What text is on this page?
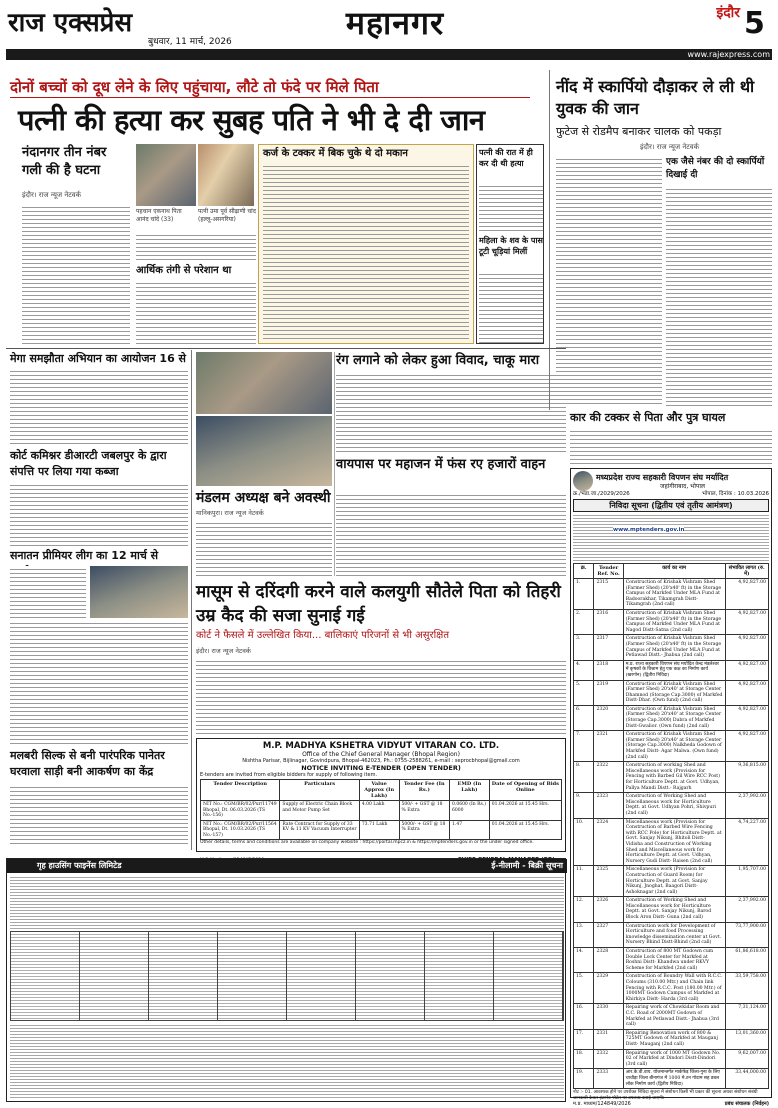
राज एक्सप्रेस
बुधवार, 11 मार्च, 2026	महानगर	इंदौर 5
www.rajexpress.com
दोनों बच्चों को दूध लेने के लिए पहुंचाया, लौटे तो फंदे पर मिले पिता
पत्नी की हत्या कर सुबह पति ने भी दे दी जान
नंदानगर तीन नंबर गली की है घटना
इंदौर। राज न्यूज नेटवर्क
पहचान एकनाथ पिता आनंद चांदे (33)
पत्नी उमा पूर्व सीढ़ाणी चांद (हल्लू-असगरिया)
आर्थिक तंगी से परेशान था
कर्ज के टक्कर में बिक चुके थे दो मकान	पत्नी की रात में ही कर दी थी हत्या
महिला के शव के पास टूटी चूड़ियां मिलीं
नींद में स्कार्पियो दौड़ाकर ले ली थी युवक की जान
फुटेज से रोडमैप बनाकर चालक को पकड़ा
इंदौर। राज न्यूज नेटवर्क
एक जैसे नंबर की दो स्कार्पियों दिखाई दी
मेगा समझौता अभियान का आयोजन 16 से
कोर्ट कमिश्नर डीआरटी जबलपुर के द्वारा संपत्ति पर लिया गया कब्जा
सनातन प्रीमियर लीग का 12 मार्च से
मलबरी सिल्क से बनी पारंपरिक पानेतर घरवाला साड़ी बनी आकर्षण का केंद्र
रंग लगाने को लेकर हुआ विवाद, चाकू मारा
मंडलम अध्यक्ष बने अवस्थी
मानिकपुरा। राज न्यूज नेटवर्क
वायपास पर महाजन में फंस रए हजारों वाहन
मासूम से दरिंदगी करने वाले कलयुगी सौतेले पिता को तिहरी उम्र कैद की सजा सुनाई गई
कोर्ट ने फैसले में उल्लेखित किया... बालिकाएं परिजनों से भी असुरक्षित
इंदौर। राज न्यूज नेटवर्क
M.P. MADHYA KSHETRA VIDYUT VITARAN CO. LTD.
Office of the Chief General Manager (Bhopal Region)
Nishtha Parisar, Bijlinagar, Govindpura, Bhopal-462023, Ph.: 0755-2588261, e-mail : seprocbhopal@gmail.com
NOTICE INVITING E-TENDER (OPEN TENDER)
E-tenders are invited from eligible bidders for supply of following item.
Tender Description	Particulars	Value Approx (In Lakh)	Tender Fee (In Rs.)	EMD (In Lakh)	Date of Opening of Bids Online
NIT No.: CGM/BR/02/Pur/11749 Bhopal, Dt. 06.03.2026 (TS No.-156)	Supply of Electric Chain Block and Motor Pump Set	4.00 Lakh	500/- + GST @ 18 % Extra	0.0600 (In Rs.) 6000	01.04.2026 at 15.45 Hrs.
NIT No.: CGM/BR/02/Pur/11564 Bhopal, Dt. 10.03.2026 (TS No.-157)	Rate Contract for Supply of 33 KV & 11 KV Vacuum Interrupter	73.71 Lakh	5000/- + GST @ 18 % Extra	1.47	01.04.2026 at 15.45 Hrs.
Other details, terms and conditions are available on company website : https://portal.mpcz.in & https://mptenders.gov.in or the under signed office.
कार की टक्कर से पिता और पुत्र घायल
मध्यप्रदेश राज्य सहकारी विपणन संघ मर्यादित
जहांगीराबाद, भोपाल
क्र./भंडा.जा./2029/2026	भोपाल, दिनांक : 10.03.2026
निविदा सूचना (द्वितीय एवं तृतीय आमंत्रण)
www.mptenders.gov.in
क्र.	Tender Ref. No.	कार्य का नाम	संभावित लागत (रु. में)
1.	2315	Construction of Krishak Vishram Shed (Farmer Shed) (20'x40' ft) in the Storage Campus of Markfed Under MLA Fund at Badoorakhar, Tikamgrah Distt- Tikamgrah (2nd call)	4,92,827.00
2.	2316	Construction of Krishak Vishram Shed (Farmer Shed) (20'x40' ft) in the Storage Campus of Markfed Under MLA Fund at Nagod Distt-Satna (2nd call)	4,92,827.00
3.	2317	Construction of Krishak Vishram Shed (Farmer Shed) (20'x40' ft) in the Storage Campus of Markfed Under MLA Fund at Petlawad Distt.- Jhabua (2nd call)	4,92,827.00
4.	2318	म.प्र. राज्य सहकारी विपणन संघ मर्यादित केन्द्र मंडलेश्वर में कृषकों के विश्राम हेतु एक कक्ष का निर्माण कार्य (खरगोन) (द्वितीय निविदा)	4,92,827.00
5.	2319	Construction of Krishak Vishram Shed (Farmer Shed) 20'x40' at Storage Center Dhamnod (Storage Cap.3000) of Markfed Distt-Dhar. (Own fund) (2nd call)	4,92,827.00
6.	2320	Construction of Krishak Vishram Shed (Farmer Shed) 20'x40' at Storage Center (Storage Cap.3000) Dabra of Markfed Distt-Gwalior. (Own fund) (2nd call)	4,92,827.00
7.	2321	Construction of Krishak Vishram Shed (Farmer Shed) 20'x40' at Storage Center (Storage Cap.3000) Nalkheda Godown of Markfed Distt- Agar Malwa. (Own fund) (2nd call)	4,92,827.00
8.	2322	Construction of working Shed and Miscellaneous work (Provision for Fencing with Barbed Gil Wire RCC Post) for Horticulture Deptt. at Govt. Udhyan, Pallya Mandi Distt.- Rajgarh	9,36,815.00
9.	2323	Construction of Working Shed and Miscellaneous work for Horticulture Deptt. at Govt. Udhyan Pohri, Shivpuri (2nd call)	2,37,992.00
10.	2324	Miscellaneous work (Provision for Construction of Barbed Wire Fencing with RCC Pole) for Horticulture Deptt. at Govt. Sanjay Nikunj, Bhitoli Distt- Vidisha and Construction of Working Shed and Miscellaneous work for Horticulture Deptt. at Govt. Udhyan, Nursery Gudi Distt- Raisen (2nd call)	4,74,227.00
11.	2325	Miscellaneous work (Provision for Construction of Guard Room) for Horticulture Deptt. at Govt. Sanjay Nikunj, Jnoghat, Baagori Distt-Ashoknagar (2nd call)	1,95,707.00
12.	2326	Construction of Working Shed and Miscellaneous work for Horticulture Deptt. at Govt. Sanjay Nikunj, Barod Block Aron Distt- Guna (2nd call)	2,37,992.00
13.	2327	Construction work for Development of Horticulture and food Processing knowledge dissemination center at Govt. Nursery Bhind Distt-Bhind (2nd call)	73,77,900.00
14.	2328	Construction of 800 MT Godown cum Double Lock Center for Markfed at Roshni Distt- Khandwa under RKVY Scheme for Markfed (2nd call)	61,86,618.00
15.	2329	Construction of Boundry Wall with R.C.C. Coloums (310.00 Mtr.) and Chain link Fencing with R.C.C. Post (180.00 Mtr.) of 1000MT Godown Campus of Markfed at Khirkiya Distt- Harda (3rd call)	33,59,758.00
16.	2330	Repairing work of Chowkidar Room and C.C. Road of 2000MT Godown of Markfed at Petlawad Distt.- Jhabua (3rd call)	7,31,124.00
17.	2331	Repairing Renovation work of 800 & 725MT Godown of Markfed at Mauganj Distt- Mauganj (2nd call)	13,01,360.00
18.	2332	Repairing work of 1000 MT Godown No. 02 of Markfed at Dindori Distt-Dindori (3rd call)	9,62,007.00
19.	2333	आर.के.वी.वाय. योजनान्तर्गत मार्कफेड़ जिला-गुना के लिए चाचौड़ा जिला बीनागंज में 1000 मे.टन गोदाम सह डबल लॉक निर्माण कार्य (द्वितीय निविदा)	33,44,000.00
नोट :- 01. आवश्यक होने पर उपरोक्त निविदा सूचना में संशोधन किसी भी प्रकार की सूचना अथवा संशोधन संबंधी जानकारी केवल इंटरनेट पोर्टल पर उपलब्ध कराई जाएगी।
म.प्र. माध्यम/124849/2026	प्रबंध संचालक (निर्वहन)
गृह हाउसिंग फाइनेंस लिमिटेड	ई-नीलामी - बिक्री सूचना
